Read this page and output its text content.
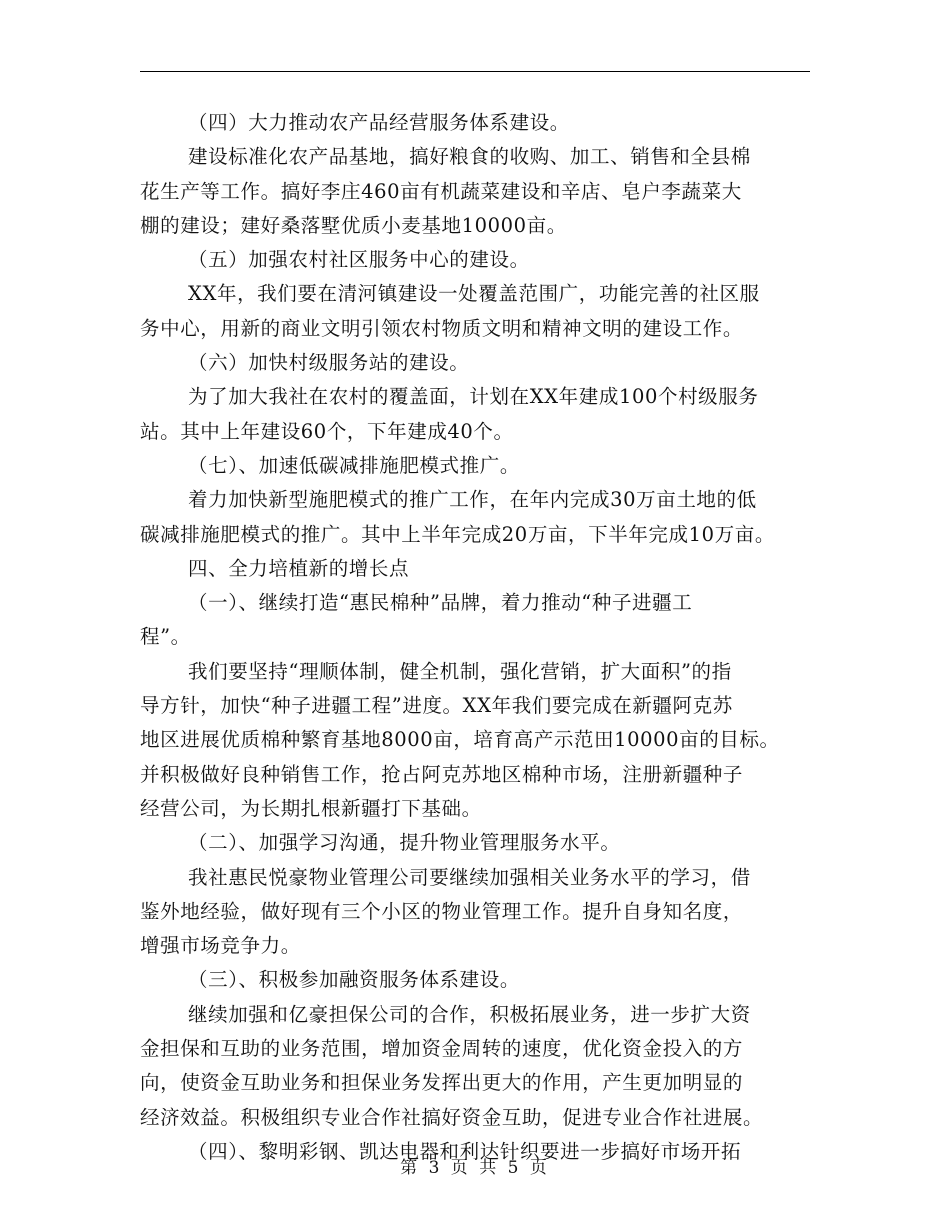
（四）大力推动农产品经营服务体系建设。
建设标准化农产品基地，搞好粮食的收购、加工、销售和全县棉
花生产等工作。搞好李庄460亩有机蔬菜建设和辛店、皂户李蔬菜大
棚的建设；建好桑落墅优质小麦基地10000亩。
（五）加强农村社区服务中心的建设。
XX年，我们要在清河镇建设一处覆盖范围广，功能完善的社区服
务中心，用新的商业文明引领农村物质文明和精神文明的建设工作。
（六）加快村级服务站的建设。
为了加大我社在农村的覆盖面，计划在XX年建成100个村级服务
站。其中上年建设60个，下年建成40个。
（七）、加速低碳减排施肥模式推广。
着力加快新型施肥模式的推广工作，在年内完成30万亩土地的低
碳减排施肥模式的推广。其中上半年完成20万亩，下半年完成10万亩。
四、全力培植新的增长点
（一）、继续打造“惠民棉种”品牌，着力推动“种子进疆工
程”。
我们要坚持“理顺体制，健全机制，强化营销，扩大面积”的指
导方针，加快“种子进疆工程”进度。XX年我们要完成在新疆阿克苏
地区进展优质棉种繁育基地8000亩，培育高产示范田10000亩的目标。
并积极做好良种销售工作，抢占阿克苏地区棉种市场，注册新疆种子
经营公司，为长期扎根新疆打下基础。
（二）、加强学习沟通，提升物业管理服务水平。
我社惠民悦豪物业管理公司要继续加强相关业务水平的学习，借
鉴外地经验，做好现有三个小区的物业管理工作。提升自身知名度，
增强市场竞争力。
（三）、积极参加融资服务体系建设。
继续加强和亿豪担保公司的合作，积极拓展业务，进一步扩大资
金担保和互助的业务范围，增加资金周转的速度，优化资金投入的方
向，使资金互助业务和担保业务发挥出更大的作用，产生更加明显的
经济效益。积极组织专业合作社搞好资金互助，促进专业合作社进展。
（四）、黎明彩钢、凯达电器和利达针织要进一步搞好市场开拓
第 3 页 共 5 页
